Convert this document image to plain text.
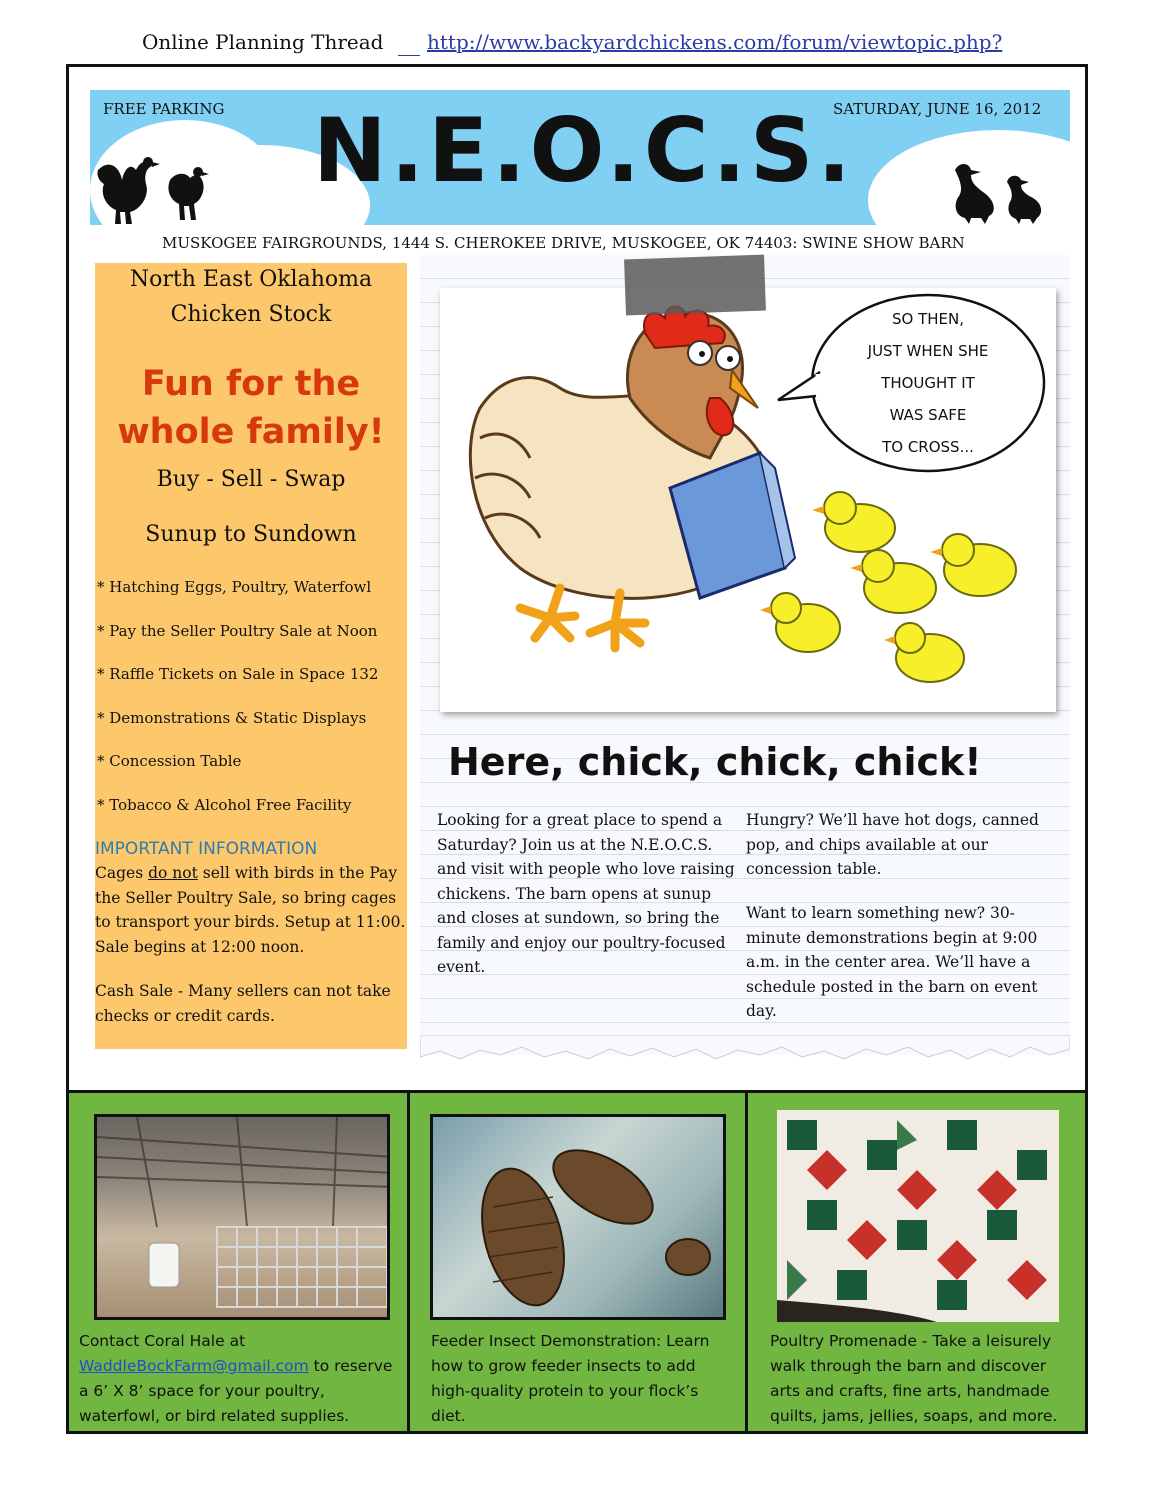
Online Planning Thread http://www.backyardchickens.com/forum/viewtopic.php?
FREE PARKING	SATURDAY, JUNE 16, 2012
N.E.O.C.S.
MUSKOGEE FAIRGROUNDS, 1444 S. CHEROKEE DRIVE, MUSKOGEE, OK 74403: SWINE SHOW BARN
North East Oklahoma
Chicken Stock
Fun for the
whole family!
Buy - Sell - Swap
Sunup to Sundown
* Hatching Eggs, Poultry, Waterfowl
* Pay the Seller Poultry Sale at Noon
* Raffle Tickets on Sale in Space 132
* Demonstrations & Static Displays
* Concession Table
* Tobacco & Alcohol Free Facility
IMPORTANT INFORMATION
Cages do not sell with birds in the Pay the Seller Poultry Sale, so bring cages to transport your birds. Setup at 11:00. Sale begins at 12:00 noon.
Cash Sale - Many sellers can not take checks or credit cards.
SO THEN,
JUST WHEN SHE
THOUGHT IT
WAS SAFE
TO CROSS...
Here, chick, chick, chick!
Looking for a great place to spend a Saturday? Join us at the N.E.O.C.S. and visit with people who love raising chickens. The barn opens at sunup and closes at sundown, so bring the family and enjoy our poultry-focused event.
Hungry? We’ll have hot dogs, canned pop, and chips available at our concession table.
Want to learn something new? 30-minute demonstrations begin at 9:00 a.m. in the center area. We’ll have a schedule posted in the barn on event day.
Contact Coral Hale at
WaddleBockFarm@gmail.com to reserve a 6’ X 8’ space for your poultry, waterfowl, or bird related supplies.
Feeder Insect Demonstration: Learn how to grow feeder insects to add high-quality protein to your flock’s diet.
Poultry Promenade - Take a leisurely walk through the barn and discover arts and crafts, fine arts, handmade quilts, jams, jellies, soaps, and more.
